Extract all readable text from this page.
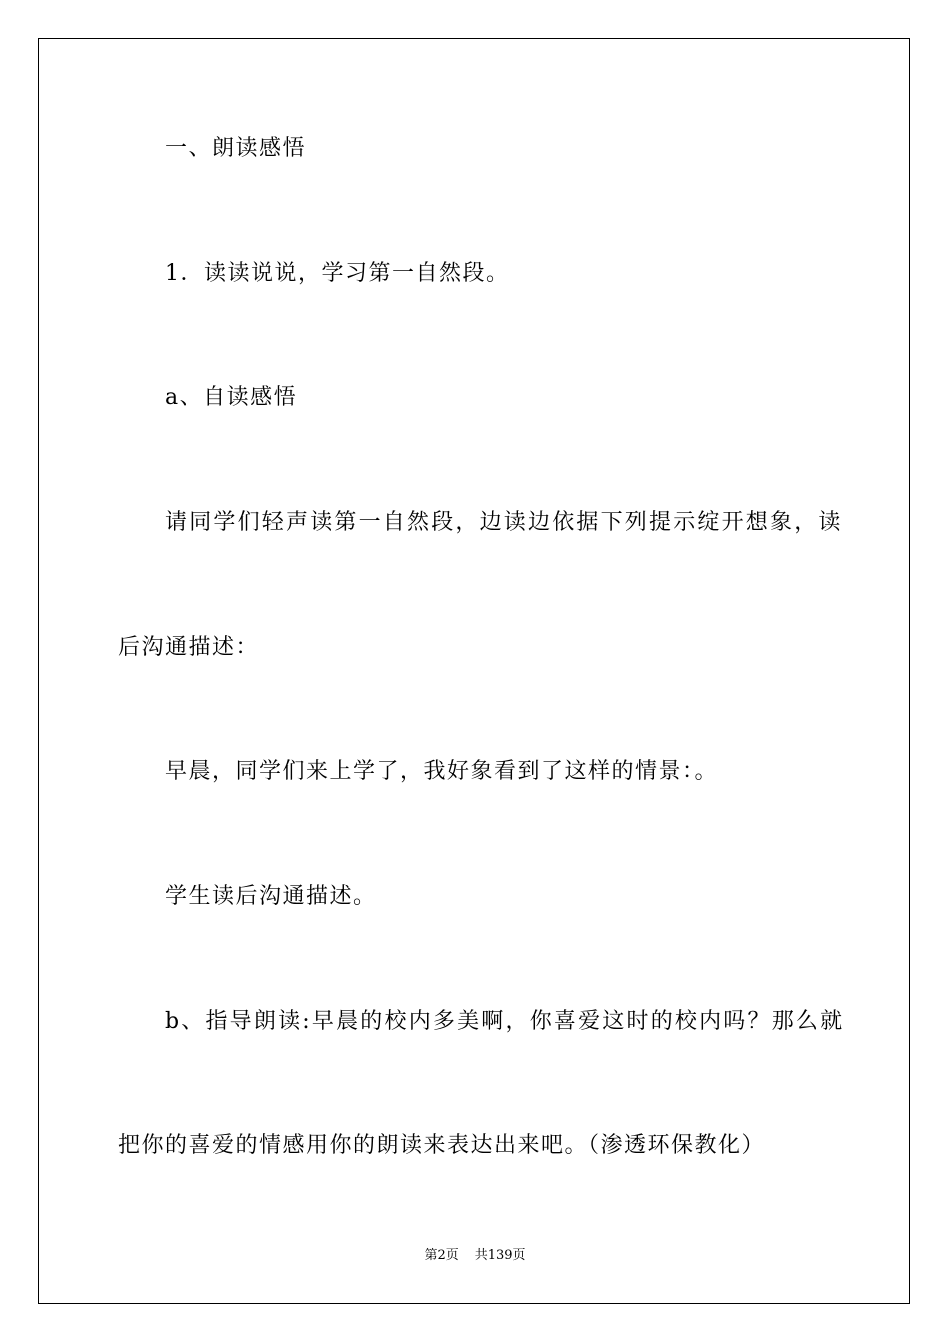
一、朗读感悟
1．读读说说，学习第一自然段。
a、自读感悟
请同学们轻声读第一自然段，边读边依据下列提示绽开想象，读
后沟通描述：
早晨，同学们来上学了，我好象看到了这样的情景：。
学生读后沟通描述。
b、指导朗读:早晨的校内多美啊，你喜爱这时的校内吗？那么就
把你的喜爱的情感用你的朗读来表达出来吧。（渗透环保教化）
第2页 共139页
